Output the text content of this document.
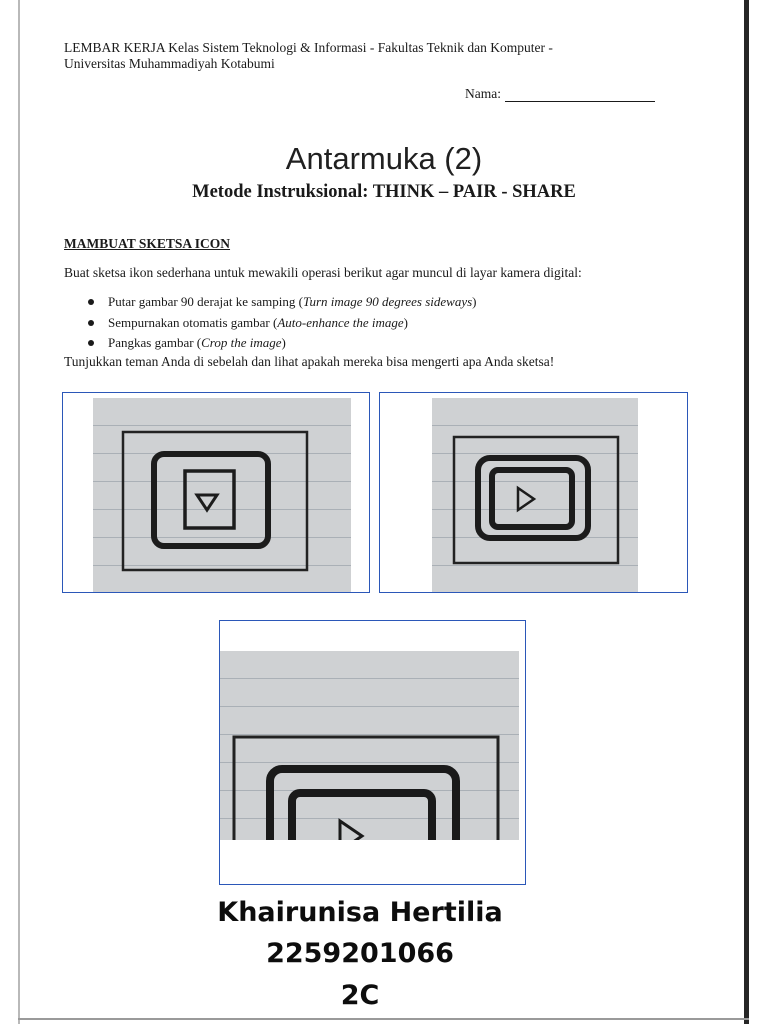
LEMBAR KERJA Kelas Sistem Teknologi & Informasi - Fakultas Teknik dan Komputer -
Universitas Muhammadiyah Kotabumi
Nama:
Antarmuka (2)
Metode Instruksional: THINK – PAIR - SHARE
MAMBUAT SKETSA ICON
Buat sketsa ikon sederhana untuk mewakili operasi berikut agar muncul di layar kamera digital:
Putar gambar 90 derajat ke samping (Turn image 90 degrees sideways)
Sempurnakan otomatis gambar (Auto-enhance the image)
Pangkas gambar (Crop the image)
Tunjukkan teman Anda di sebelah dan lihat apakah mereka bisa mengerti apa Anda sketsa!
Khairunisa Hertilia
2259201066
2C
